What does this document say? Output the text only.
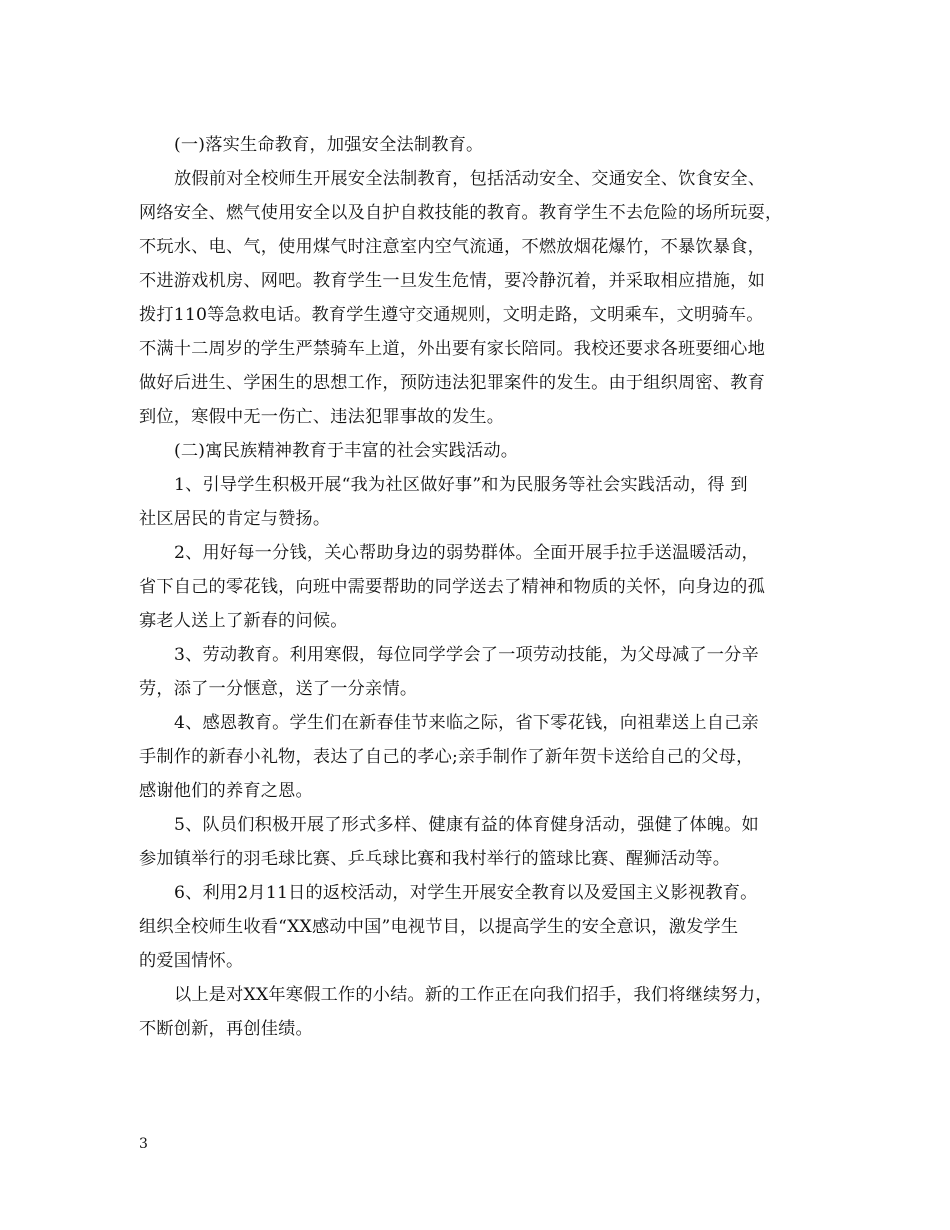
(一)落实生命教育，加强安全法制教育。

放假前对全校师生开展安全法制教育，包括活动安全、交通安全、饮食安全、
网络安全、燃气使用安全以及自护自救技能的教育。教育学生不去危险的场所玩耍，
不玩水、电、气，使用煤气时注意室内空气流通，不燃放烟花爆竹，不暴饮暴食，
不进游戏机房、网吧。教育学生一旦发生危情，要冷静沉着，并采取相应措施，如
拨打110等急救电话。教育学生遵守交通规则，文明走路，文明乘车，文明骑车。
不满十二周岁的学生严禁骑车上道，外出要有家长陪同。我校还要求各班要细心地
做好后进生、学困生的思想工作，预防违法犯罪案件的发生。由于组织周密、教育
到位，寒假中无一伤亡、违法犯罪事故的发生。

(二)寓民族精神教育于丰富的社会实践活动。

1、引导学生积极开展“我为社区做好事”和为民服务等社会实践活动，得 到
社区居民的肯定与赞扬。

2、用好每一分钱，关心帮助身边的弱势群体。全面开展手拉手送温暖活动，
省下自己的零花钱，向班中需要帮助的同学送去了精神和物质的关怀，向身边的孤
寡老人送上了新春的问候。

3、劳动教育。利用寒假，每位同学学会了一项劳动技能，为父母减了一分辛
劳，添了一分惬意，送了一分亲情。

4、感恩教育。学生们在新春佳节来临之际，省下零花钱，向祖辈送上自己亲
手制作的新春小礼物，表达了自己的孝心;亲手制作了新年贺卡送给自己的父母，
感谢他们的养育之恩。

5、队员们积极开展了形式多样、健康有益的体育健身活动，强健了体魄。如
参加镇举行的羽毛球比赛、乒乓球比赛和我村举行的篮球比赛、醒狮活动等。

6、利用2月11日的返校活动，对学生开展安全教育以及爱国主义影视教育。
组织全校师生收看“XX感动中国”电视节目，以提高学生的安全意识，激发学生
的爱国情怀。

以上是对XX年寒假工作的小结。新的工作正在向我们招手，我们将继续努力，
不断创新，再创佳绩。

3
